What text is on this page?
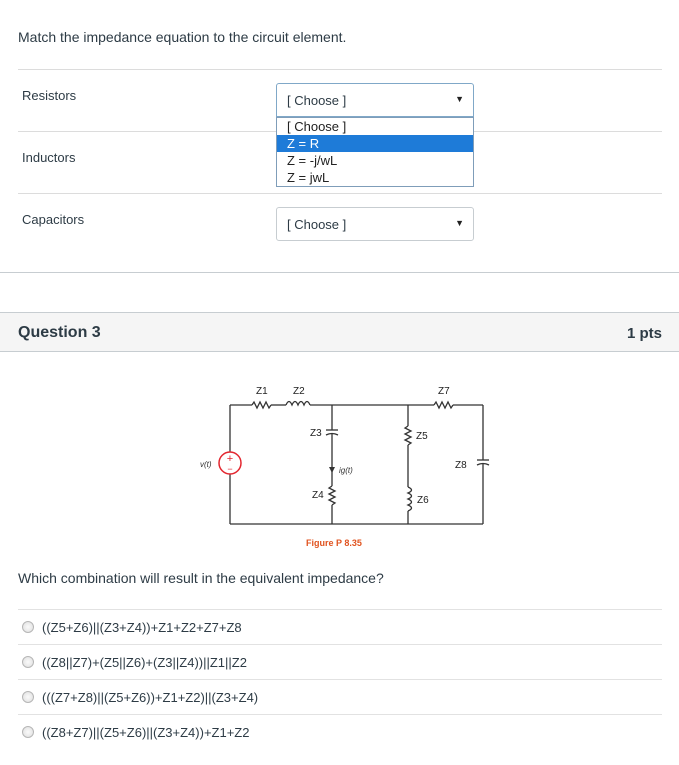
Match the impedance equation to the circuit element.
Resistors	[ Choose ]	▼
[ Choose ]
Z = R
Z = -j/wL
Z = jwL
Inductors
Capacitors	[ Choose ]	▼
Question 3	1 pts
+
−
v(t)
ig(t)
Z1	Z2
Z3
Z4
Z5
Z6
Z7
Z8
Figure P 8.35
Which combination will result in the equivalent impedance?
((Z5+Z6)||(Z3+Z4))+Z1+Z2+Z7+Z8
((Z8||Z7)+(Z5||Z6)+(Z3||Z4))||Z1||Z2
(((Z7+Z8)||(Z5+Z6))+Z1+Z2)||(Z3+Z4)
((Z8+Z7)||(Z5+Z6)||(Z3+Z4))+Z1+Z2
